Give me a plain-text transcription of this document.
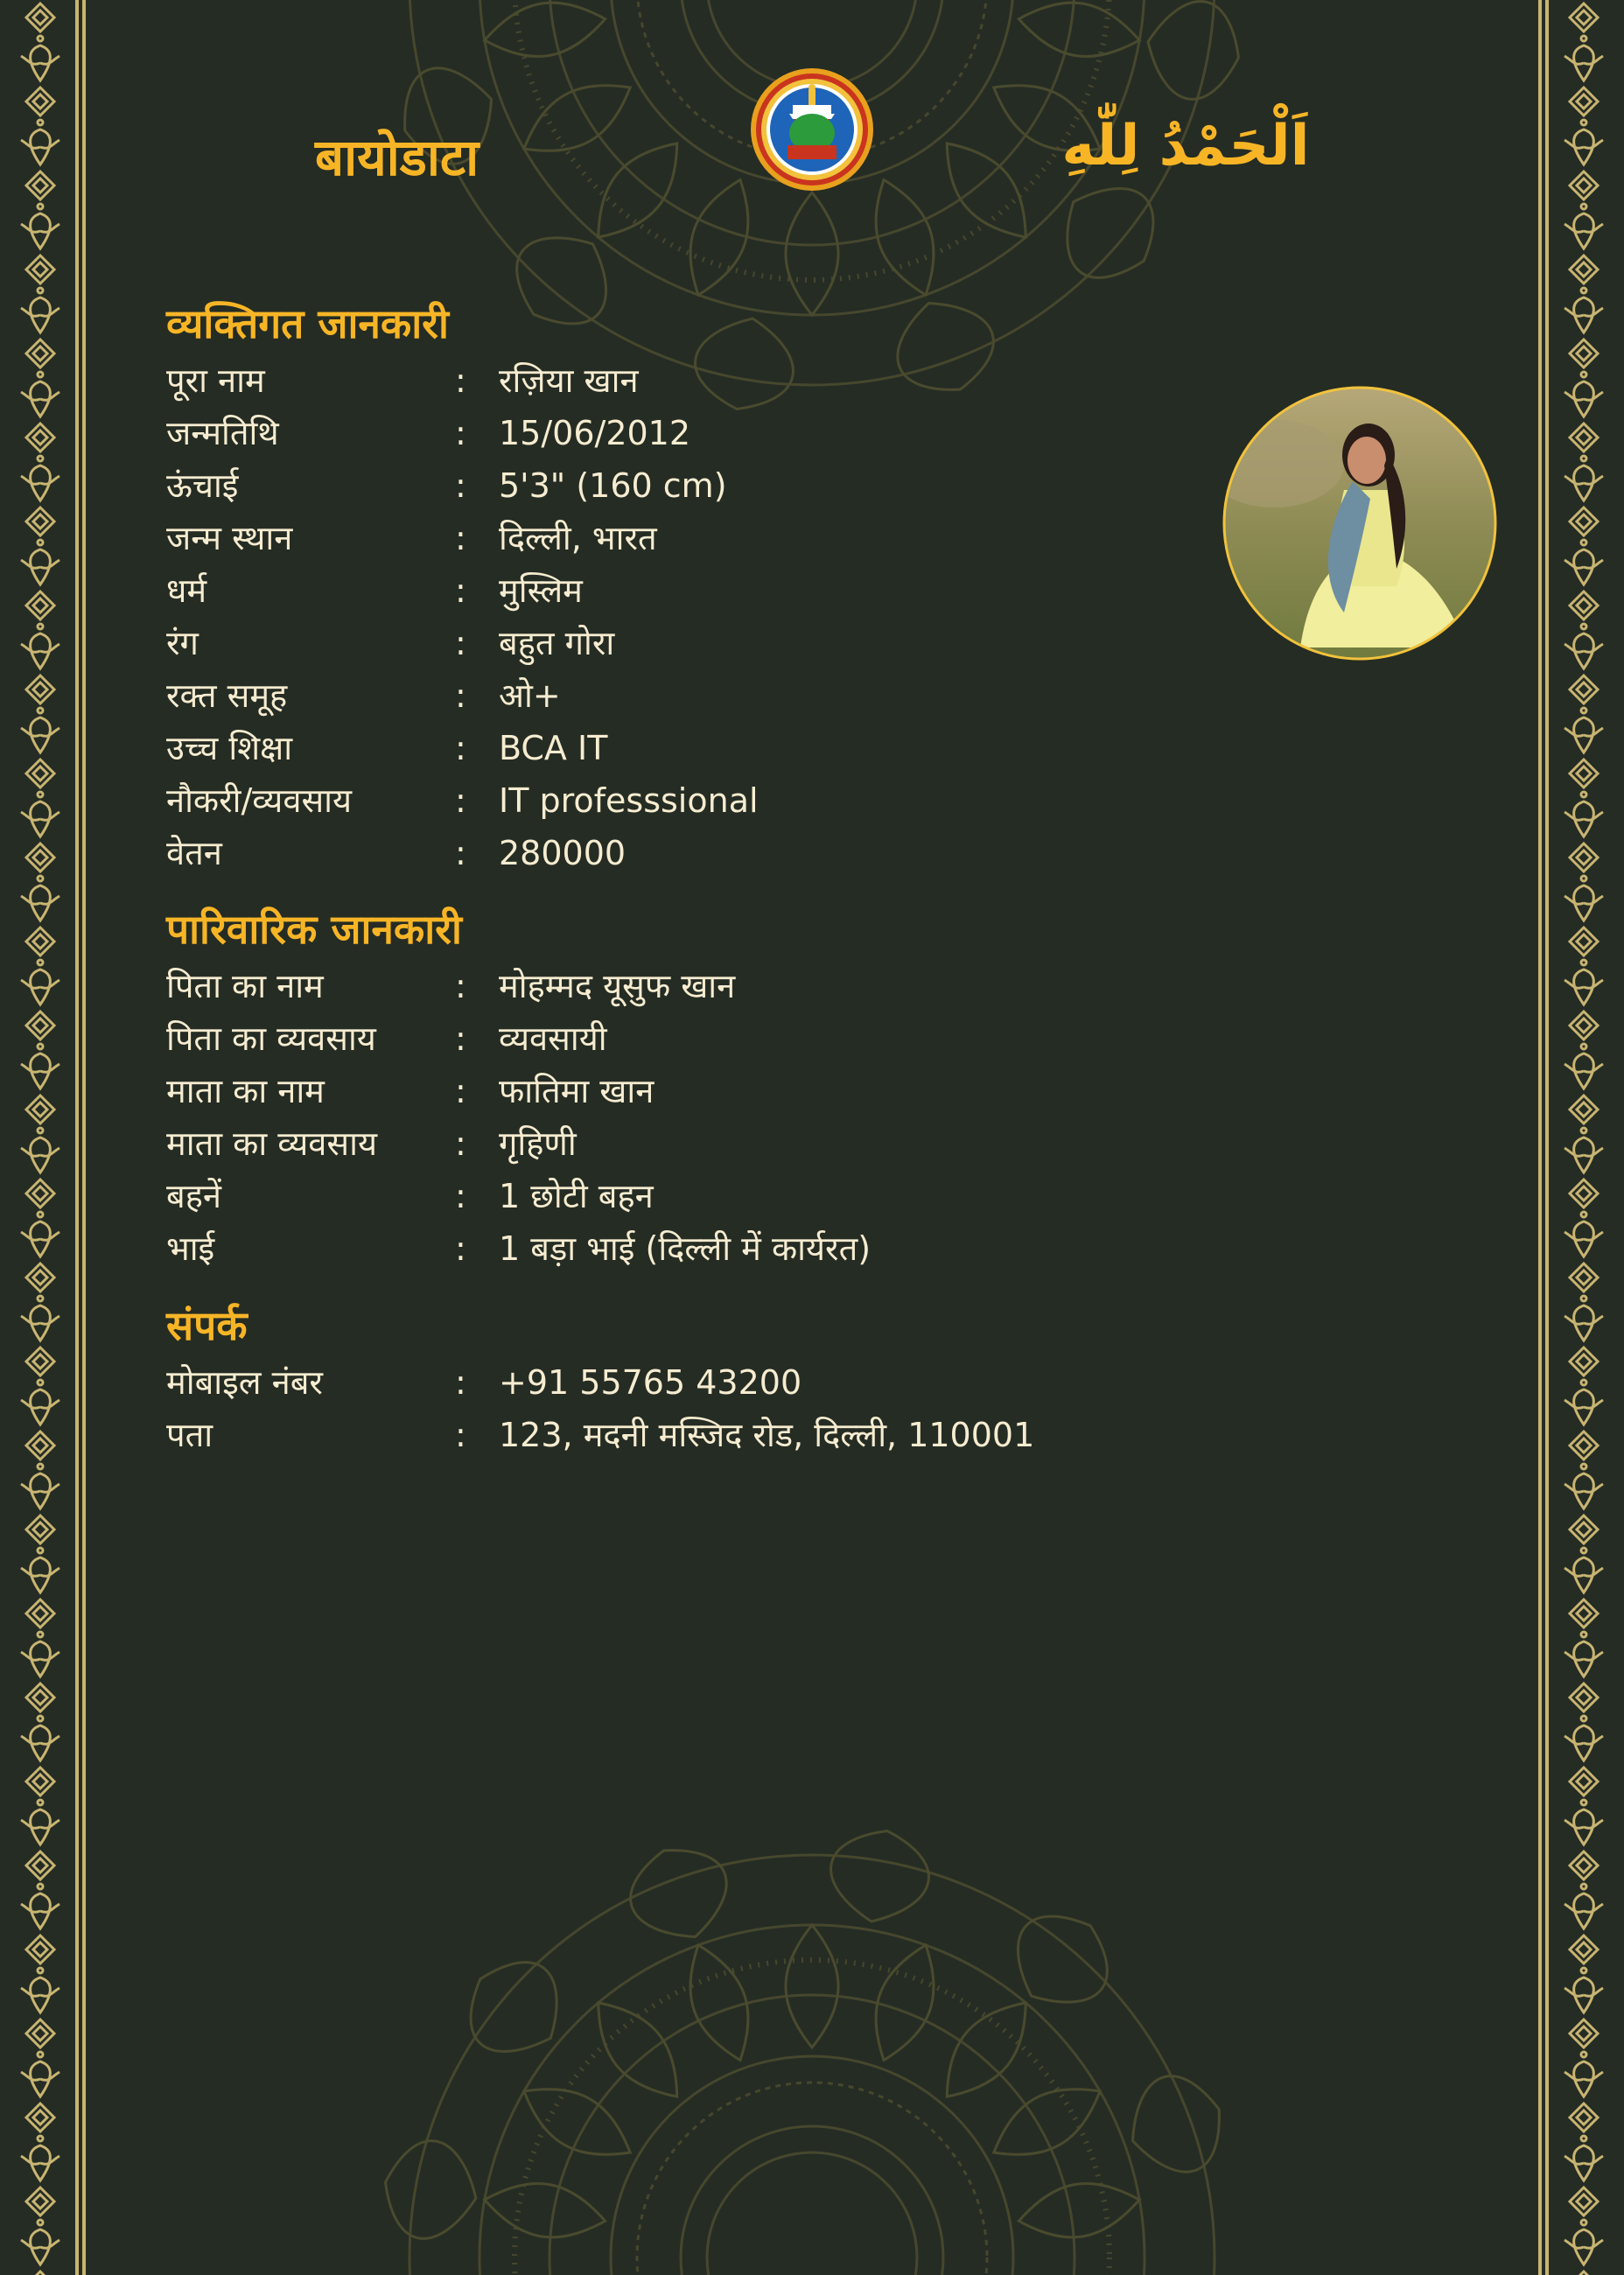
बायोडाटा	اَلْحَمْدُ لِلّٰهِ
व्यक्तिगत जानकारी
पूरा नाम	: रज़िया खान
जन्मतिथि	: 15/06/2012
ऊंचाई	: 5'3" (160 cm)
जन्म स्थान	: दिल्ली, भारत
धर्म	: मुस्लिम
रंग	: बहुत गोरा
रक्त समूह	: ओ+
उच्च शिक्षा	: BCA IT
नौकरी/व्यवसाय	: IT professsional
वेतन	: 280000
पारिवारिक जानकारी
पिता का नाम	: मोहम्मद यूसुफ खान
पिता का व्यवसाय	: व्यवसायी
माता का नाम	: फातिमा खान
माता का व्यवसाय	: गृहिणी
बहनें	: 1 छोटी बहन
भाई	: 1 बड़ा भाई (दिल्ली में कार्यरत)
संपर्क
मोबाइल नंबर	: +91 55765 43200
पता	: 123, मदनी मस्जिद रोड, दिल्ली, 110001
